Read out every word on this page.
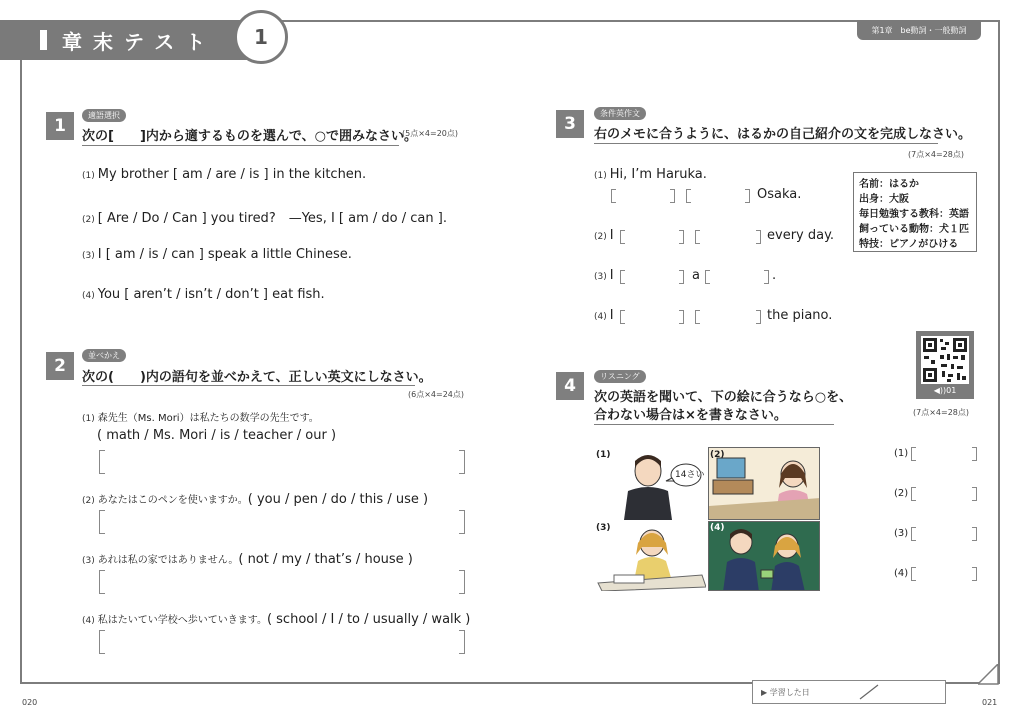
章末テスト	1	第1章　be動詞・一般動詞
1
適語選択
次の[　　]内から適するものを選んで、○で囲みなさい。
(5点×4=20点)
(1) My brother [ am / are / is ] in the kitchen.
(2) [ Are / Do / Can ] you tired?　—Yes, I [ am / do / can ].
(3) I [ am / is / can ] speak a little Chinese.
(4) You [ aren’t / isn’t / don’t ] eat fish.
2
並べかえ
次の(　　)内の語句を並べかえて、正しい英文にしなさい。
(6点×4=24点)
(1) 森先生（Ms. Mori）は私たちの数学の先生です。
( math / Ms. Mori / is / teacher / our )
(2) あなたはこのペンを使いますか。( you / pen / do / this / use )
(3) あれは私の家ではありません。( not / my / that’s / house )
(4) 私はたいてい学校へ歩いていきます。( school / I / to / usually / walk )
3
条件英作文
右のメモに合うように、はるかの自己紹介の文を完成しなさい。
(7点×4=28点)
(1) Hi, I’m Haruka.
Osaka.
(2) I	every day.
(3) I	a	.
(4) I	the piano.
名前：はるか
出身：大阪
毎日勉強する教科：英語
飼っている動物：犬１匹
特技：ピアノがひける
◀))01
4	リスニング
次の英語を聞いて、下の絵に合うなら○を、
合わない場合は×を書きなさい。	(7点×4=28点)
14さい
(1)	(2)
(3)	(4)
(1)
(2)
(3)
(4)
020	021
▶ 学習した日
